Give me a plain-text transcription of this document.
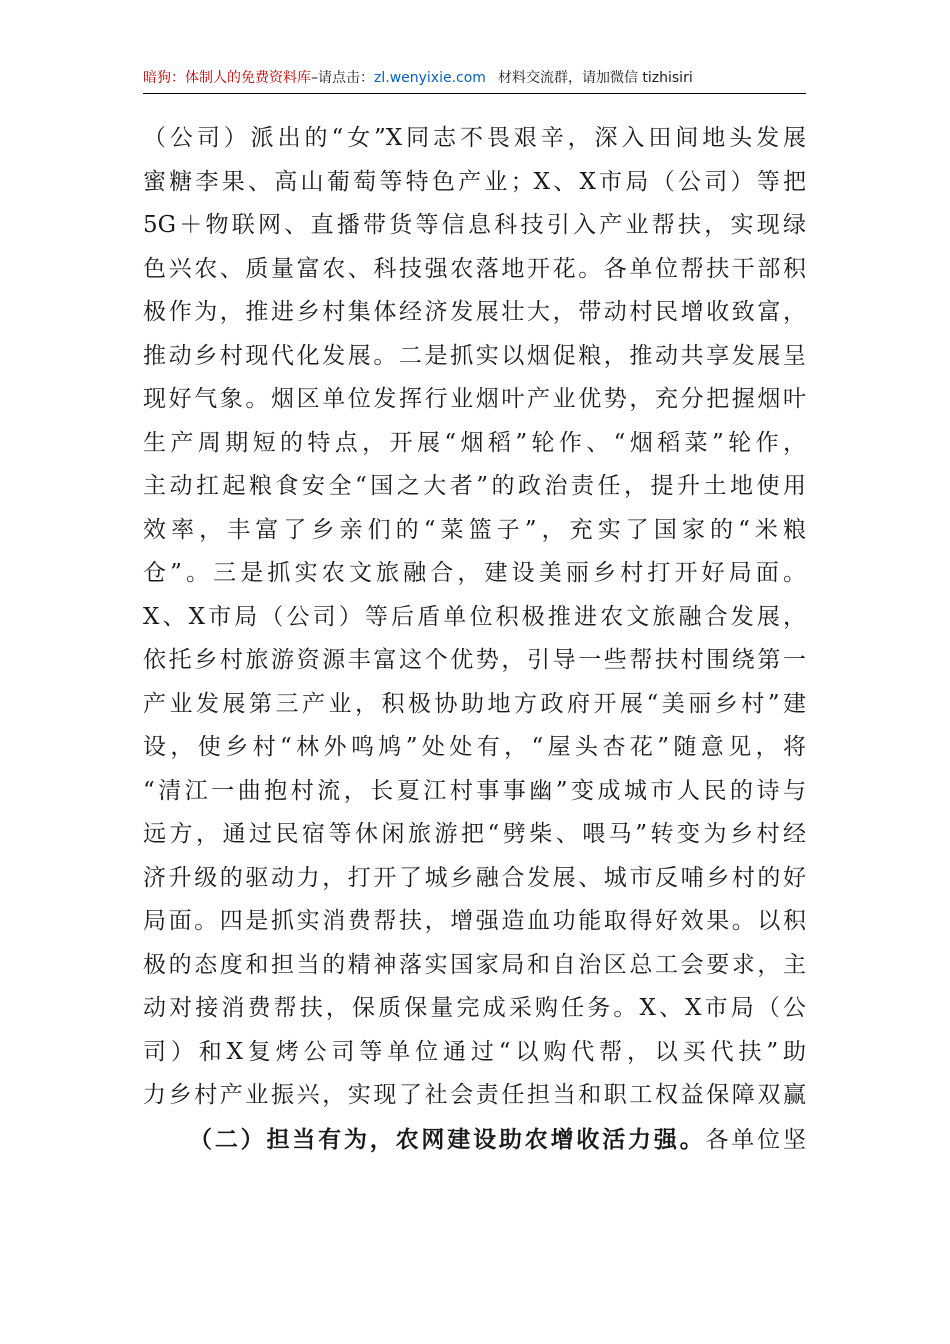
暗狗：体制人的免费资料库–请点击：zl.wenyixie.com 材料交流群，请加微信 tizhisiri
（公司）派出的“女”X同志不畏艰辛，深入田间地头发展
蜜糖李果、高山葡萄等特色产业；X、X市局（公司）等把
5G＋物联网、直播带货等信息科技引入产业帮扶，实现绿
色兴农、质量富农、科技强农落地开花。各单位帮扶干部积
极作为，推进乡村集体经济发展壮大，带动村民增收致富，
推动乡村现代化发展。二是抓实以烟促粮，推动共享发展呈
现好气象。烟区单位发挥行业烟叶产业优势，充分把握烟叶
生产周期短的特点，开展“烟稻”轮作、“烟稻菜”轮作，
主动扛起粮食安全“国之大者”的政治责任，提升土地使用
效率，丰富了乡亲们的“菜篮子”，充实了国家的“米粮
仓”。三是抓实农文旅融合，建设美丽乡村打开好局面。
X、X市局（公司）等后盾单位积极推进农文旅融合发展，
依托乡村旅游资源丰富这个优势，引导一些帮扶村围绕第一
产业发展第三产业，积极协助地方政府开展“美丽乡村”建
设，使乡村“林外鸣鸠”处处有，“屋头杏花”随意见，将
“清江一曲抱村流，长夏江村事事幽”变成城市人民的诗与
远方，通过民宿等休闲旅游把“劈柴、喂马”转变为乡村经
济升级的驱动力，打开了城乡融合发展、城市反哺乡村的好
局面。四是抓实消费帮扶，增强造血功能取得好效果。以积
极的态度和担当的精神落实国家局和自治区总工会要求，主
动对接消费帮扶，保质保量完成采购任务。X、X市局（公
司）和X复烤公司等单位通过“以购代帮，以买代扶”助
力乡村产业振兴，实现了社会责任担当和职工权益保障双赢
（二）担当有为，农网建设助农增收活力强。各单位坚
